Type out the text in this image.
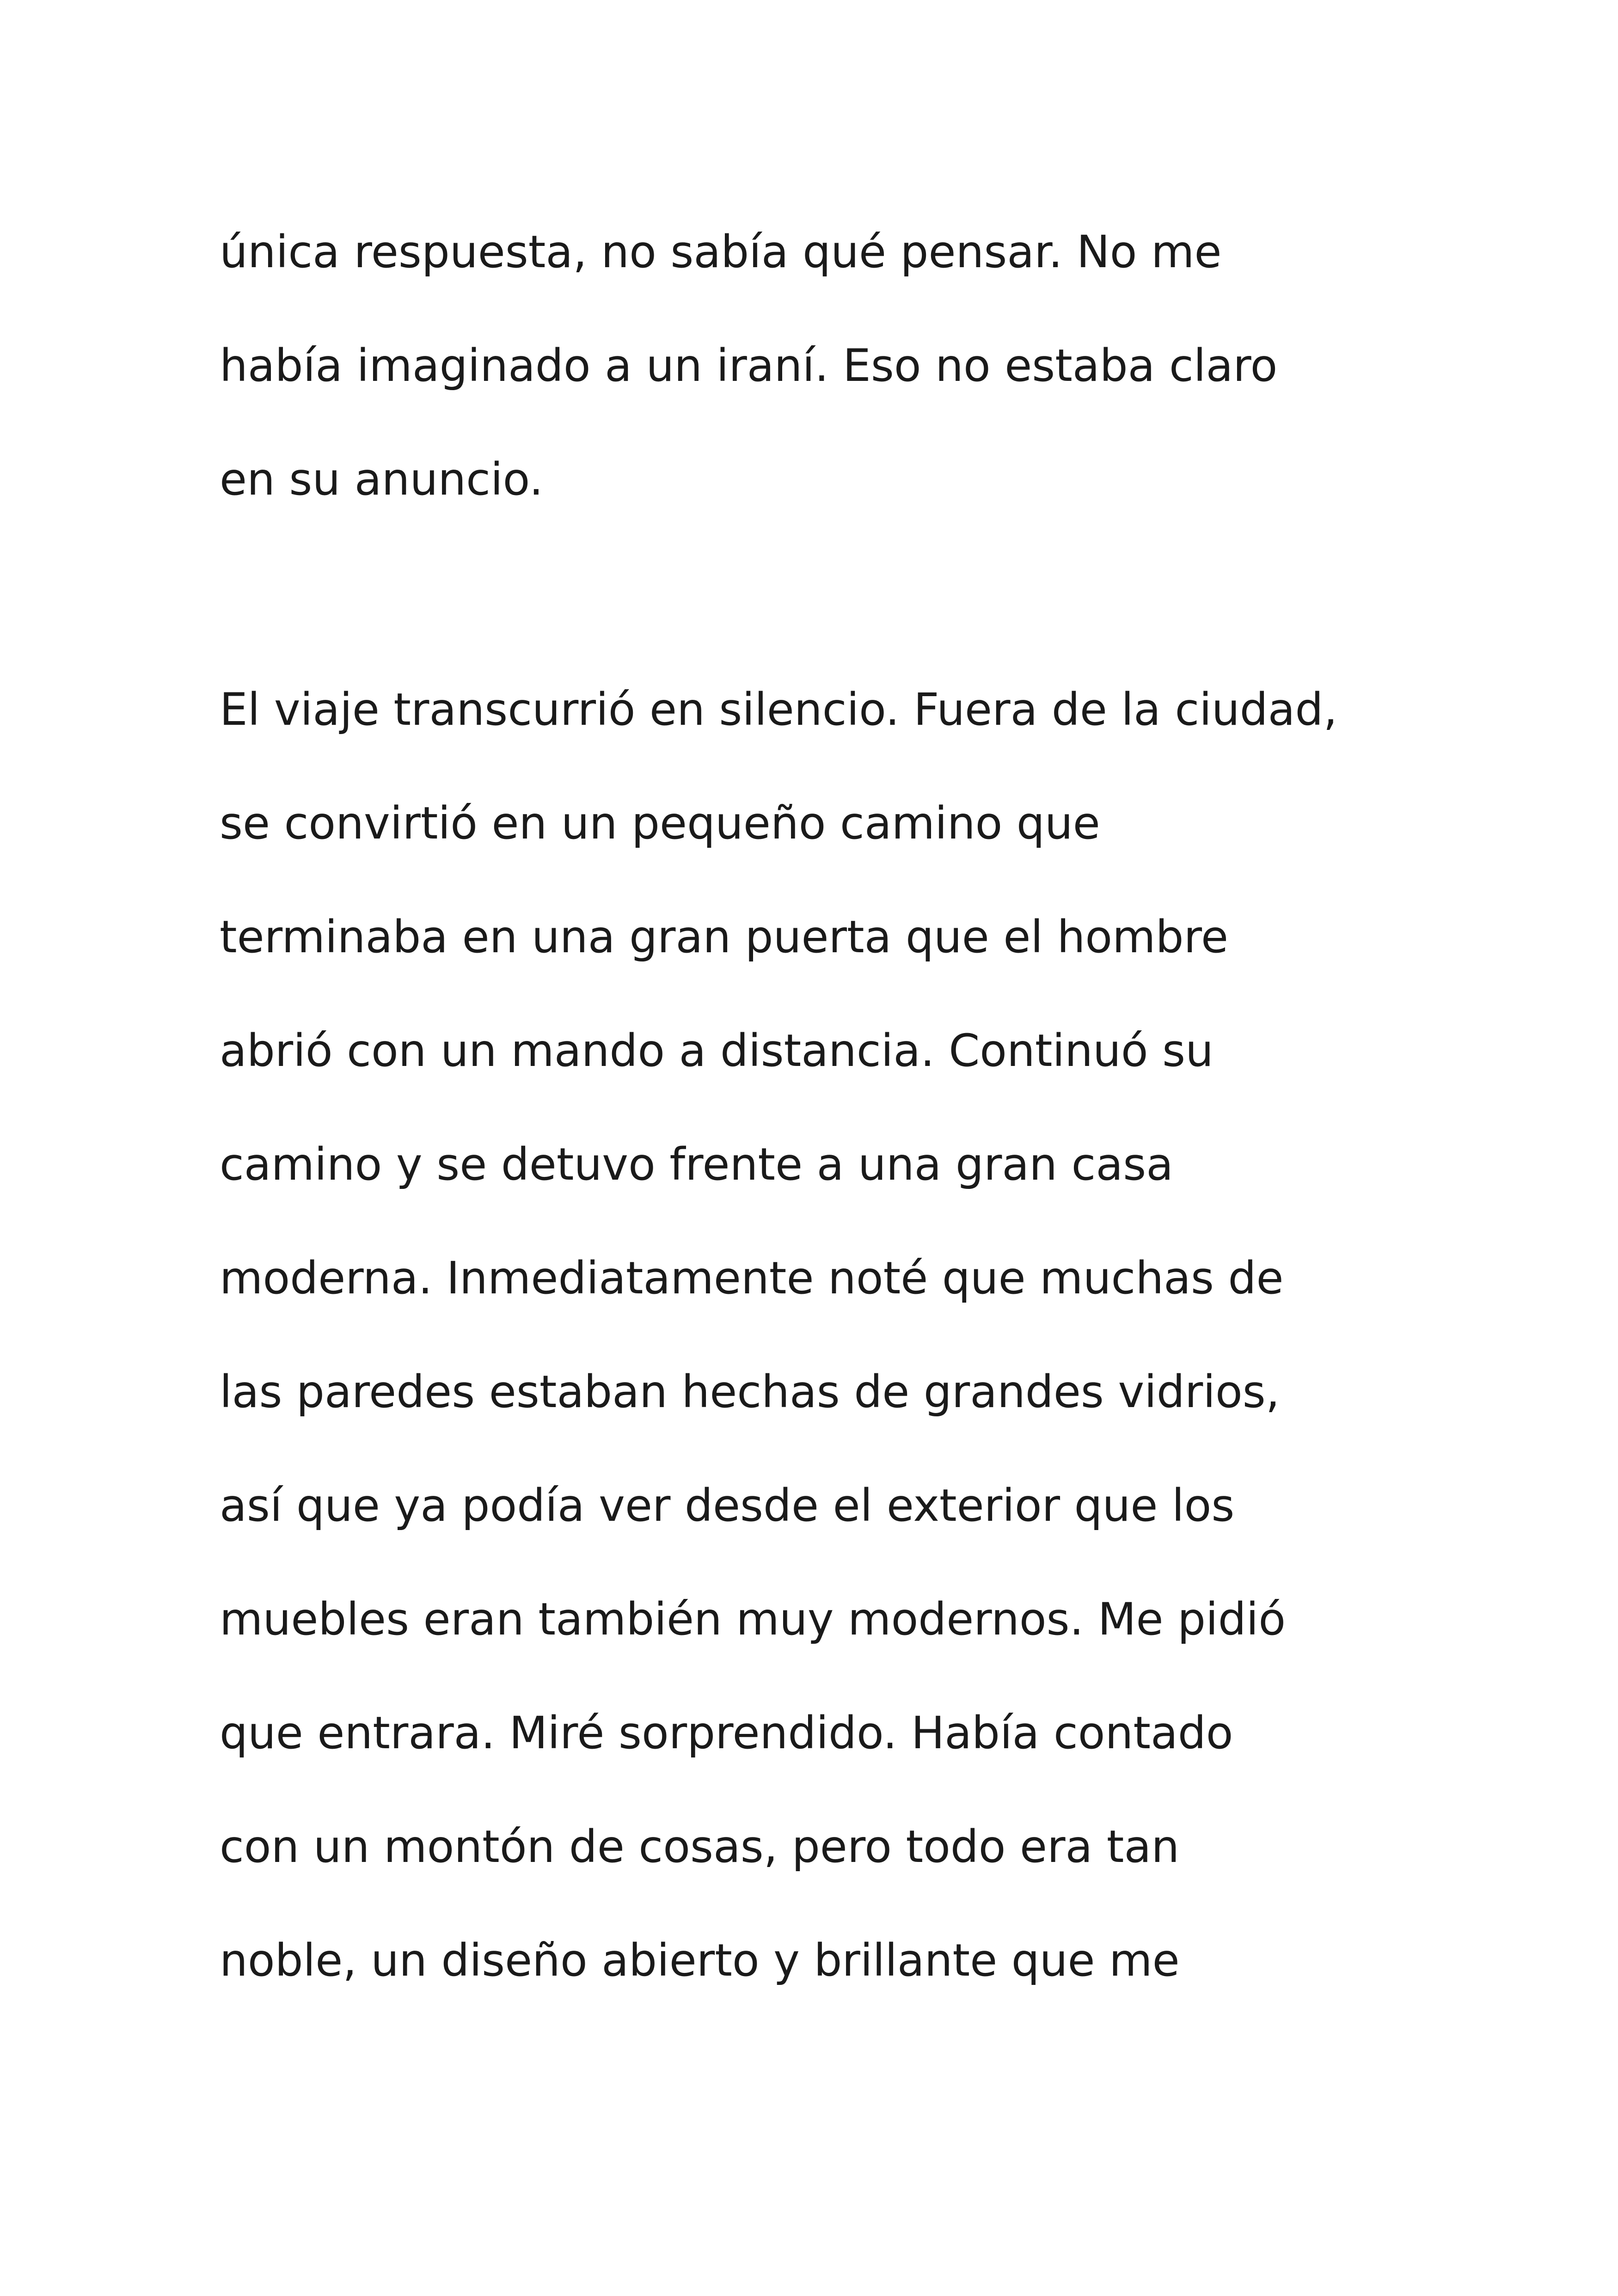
única respuesta, no sabía qué pensar. No me

había imaginado a un iraní. Eso no estaba claro

en su anuncio.

El viaje transcurrió en silencio. Fuera de la ciudad,

se convirtió en un pequeño camino que

terminaba en una gran puerta que el hombre

abrió con un mando a distancia. Continuó su

camino y se detuvo frente a una gran casa

moderna. Inmediatamente noté que muchas de

las paredes estaban hechas de grandes vidrios,

así que ya podía ver desde el exterior que los

muebles eran también muy modernos. Me pidió

que entrara. Miré sorprendido. Había contado

con un montón de cosas, pero todo era tan

noble, un diseño abierto y brillante que me
